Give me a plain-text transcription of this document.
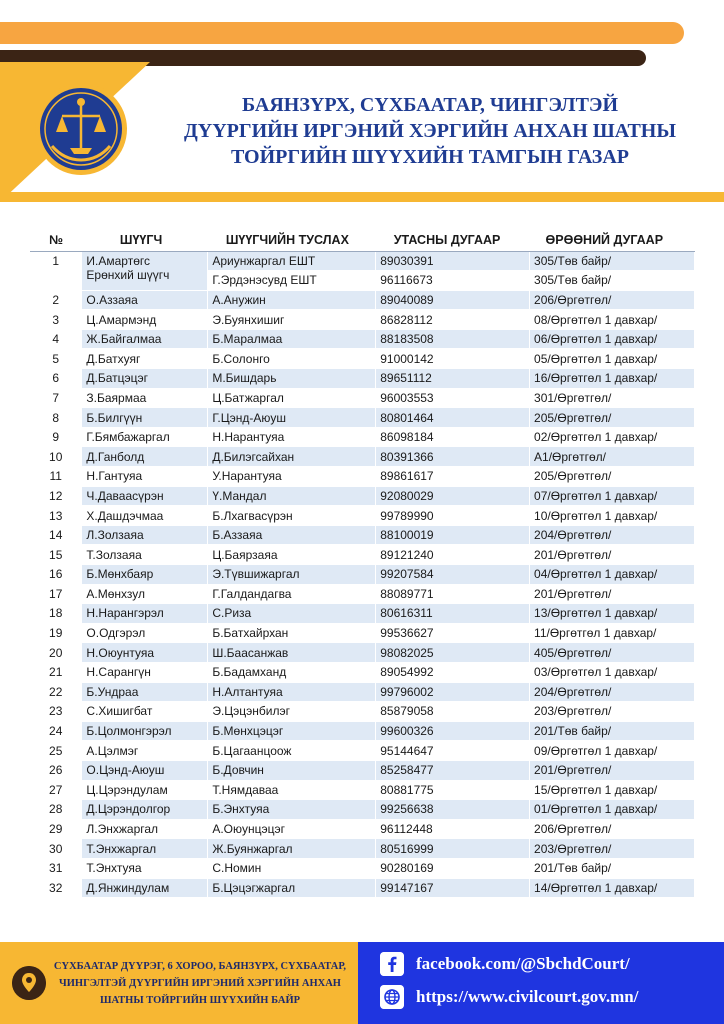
БАЯНЗҮРХ, СҮХБААТАР, ЧИНГЭЛТЭЙ
ДҮҮРГИЙН ИРГЭНИЙ ХЭРГИЙН АНХАН ШАТНЫ
ТОЙРГИЙН ШҮҮХИЙН ТАМГЫН ГАЗАР
№	ШҮҮГЧ	ШҮҮГЧИЙН ТУСЛАХ	УТАСНЫ ДУГААР	ӨРӨӨНИЙ ДУГААР
1	И.Амартөгс
Ерөнхий шүүгч	Ариунжаргал ЕШТ	89030391	305/Төв байр/
		Г.Эрдэнэсувд ЕШТ	96116673	305/Төв байр/
2	О.Аззаяа	А.Анужин	89040089	206/Өргөтгөл/
3	Ц.Амармэнд	Э.Буянхишиг	86828112	08/Өргөтгөл 1 давхар/
4	Ж.Байгалмаа	Б.Маралмаа	88183508	06/Өргөтгөл 1 давхар/
5	Д.Батхуяг	Б.Солонго	91000142	05/Өргөтгөл 1 давхар/
6	Д.Батцэцэг	М.Бишдарь	89651112	16/Өргөтгөл 1 давхар/
7	З.Баярмаа	Ц.Батжаргал	96003553	301/Өргөтгөл/
8	Б.Билгүүн	Г.Цэнд-Аюуш	80801464	205/Өргөтгөл/
9	Г.Бямбажаргал	Н.Нарантуяа	86098184	02/Өргөтгөл 1 давхар/
10	Д.Ганболд	Д.Билэгсайхан	80391366	А1/Өргөтгөл/
11	Н.Гантуяа	У.Нарантуяа	89861617	205/Өргөтгөл/
12	Ч.Даваасүрэн	Ү.Мандал	92080029	07/Өргөтгөл 1 давхар/
13	Х.Дашдэчмаа	Б.Лхагвасүрэн	99789990	10/Өргөтгөл 1 давхар/
14	Л.Золзаяа	Б.Аззаяа	88100019	204/Өргөтгөл/
15	Т.Золзаяа	Ц.Баярзаяа	89121240	201/Өргөтгөл/
16	Б.Мөнхбаяр	Э.Түвшижаргал	99207584	04/Өргөтгөл 1 давхар/
17	А.Мөнхзул	Г.Галдандагва	88089771	201/Өргөтгөл/
18	Н.Нарангэрэл	С.Риза	80616311	13/Өргөтгөл 1 давхар/
19	О.Одгэрэл	Б.Батхайрхан	99536627	11/Өргөтгөл 1 давхар/
20	Н.Оюунтуяа	Ш.Баасанжав	98082025	405/Өргөтгөл/
21	Н.Сарангүн	Б.Бадамханд	89054992	03/Өргөтгөл 1 давхар/
22	Б.Ундраа	Н.Алтантуяа	99796002	204/Өргөтгөл/
23	С.Хишигбат	Э.Цэцэнбилэг	85879058	203/Өргөтгөл/
24	Б.Цолмонгэрэл	Б.Мөнхцэцэг	99600326	201/Төв байр/
25	А.Цэлмэг	Б.Цагаанцоож	95144647	09/Өргөтгөл 1 давхар/
26	О.Цэнд-Аюуш	Б.Довчин	85258477	201/Өргөтгөл/
27	Ц.Цэрэндулам	Т.Нямдаваа	80881775	15/Өргөтгөл 1 давхар/
28	Д.Цэрэндолгор	Б.Энхтуяа	99256638	01/Өргөтгөл 1 давхар/
29	Л.Энхжаргал	А.Оюунцэцэг	96112448	206/Өргөтгөл/
30	Т.Энхжаргал	Ж.Буянжаргал	80516999	203/Өргөтгөл/
31	Т.Энхтуяа	С.Номин	90280169	201/Төв байр/
32	Д.Янжиндулам	Б.Цэцэгжаргал	99147167	14/Өргөтгөл 1 давхар/
СҮХБААТАР ДҮҮРЭГ, 6 ХОРОО, БАЯНЗҮРХ, СҮХБААТАР,
ЧИНГЭЛТЭЙ ДҮҮРГИЙН ИРГЭНИЙ ХЭРГИЙН АНХАН
ШАТНЫ ТОЙРГИЙН ШҮҮХИЙН БАЙР
facebook.com/@SbchdCourt/
https://www.civilcourt.gov.mn/
